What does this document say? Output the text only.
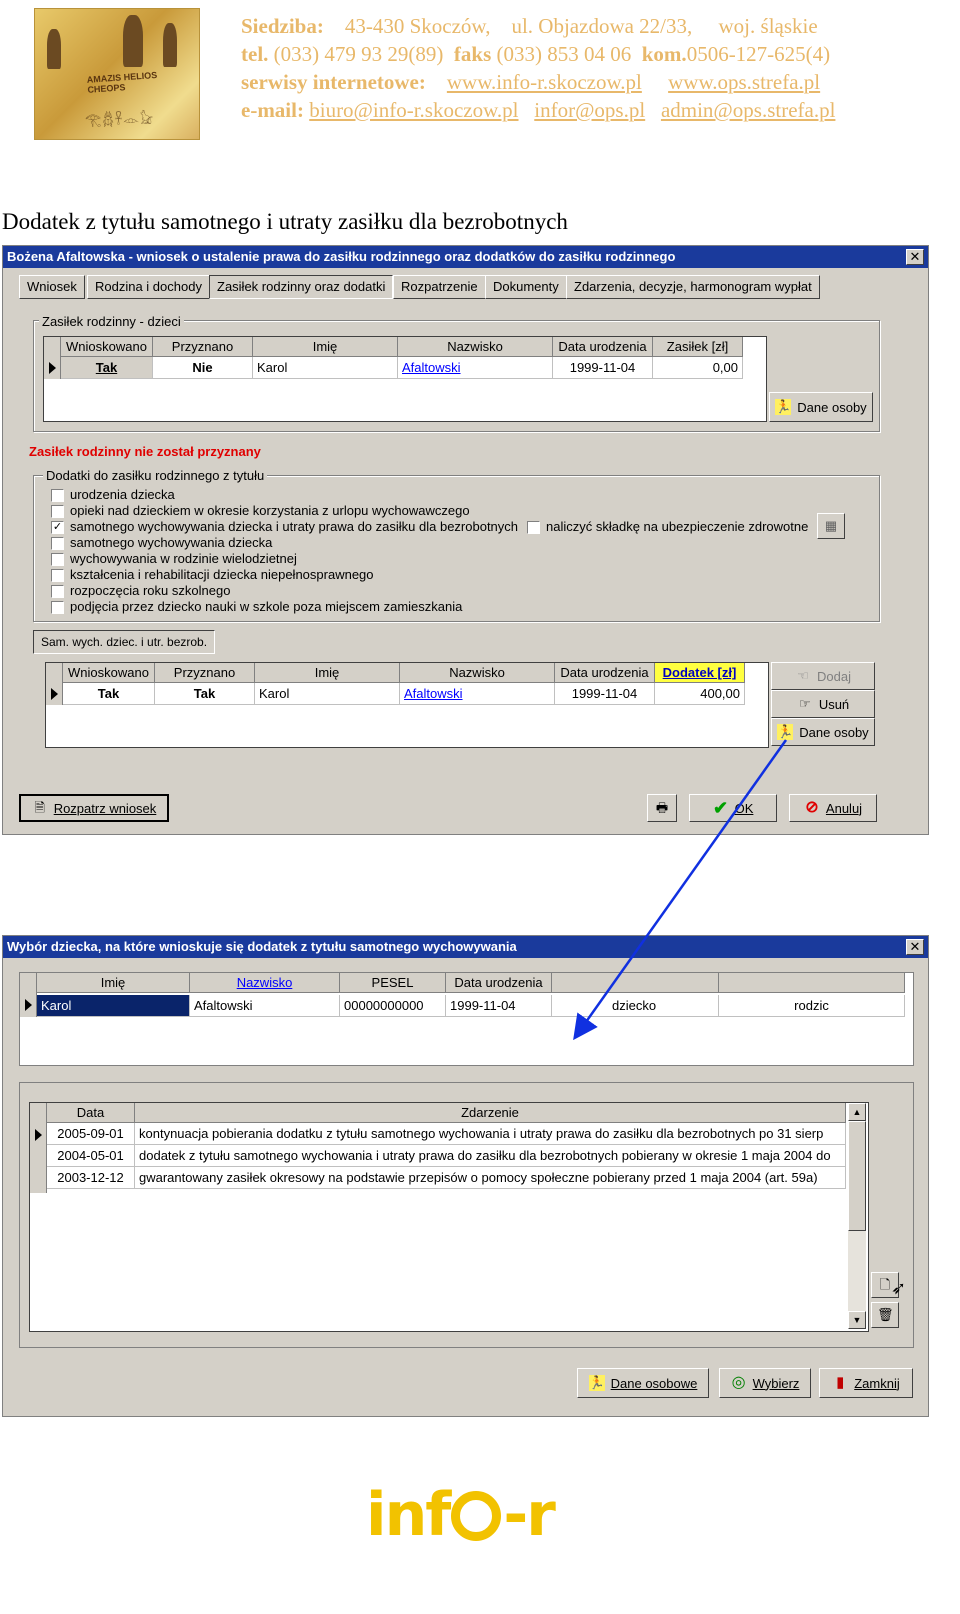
AMAZIS HELIOS CHEOPS
𓂀𓆣𓋹𓁹𓃠
Siedziba: 43-430 Skoczów, ul. Objazdowa 22/33, woj. śląskie
tel. (033) 479 93 29(89) faks (033) 853 04 06 kom.0506-127-625(4)
serwisy internetowe: www.info-r.skoczow.pl www.ops.strefa.pl
e-mail: biuro@info-r.skoczow.pl infor@ops.pl admin@ops.strefa.pl
Dodatek z tytułu samotnego i utraty zasiłku dla bezrobotnych
Bożena Afaltowska - wniosek o ustalenie prawa do zasiłku rodzinnego oraz dodatków do zasiłku rodzinnego	✕
Wniosek	Rodzina i dochody	Zasiłek rodzinny oraz dodatki	Rozpatrzenie	Dokumenty	Zdarzenia, decyzje, harmonogram wypłat
Zasiłek rodzinny - dzieci
Wnioskowano	Przyznano	Imię	Nazwisko	Data urodzenia	Zasiłek [zł]
Tak	Nie	Karol	Afaltowski	1999-11-04	0,00
🏃 Dane osoby
Zasiłek rodzinny nie został przyznany
Dodatki do zasiłku rodzinnego z tytułu
urodzenia dziecka
opieki nad dzieckiem w okresie korzystania z urlopu wychowawczego
✓ samotnego wychowywania dziecka i utraty prawa do zasiłku dla bezrobotnych
samotnego wychowywania dziecka
wychowywania w rodzinie wielodzietnej
kształcenia i rehabilitacji dziecka niepełnosprawnego
rozpoczęcia roku szkolnego
podjęcia przez dziecko nauki w szkole poza miejscem zamieszkania
naliczyć składkę na ubezpieczenie zdrowotne ▦
Sam. wych. dziec. i utr. bezrob.
Wnioskowano	Przyznano	Imię	Nazwisko	Data urodzenia	Dodatek [zł]
Tak	Tak	Karol	Afaltowski	1999-11-04	400,00
☜ Dodaj
☞ Usuń
🏃 Dane osoby
🗎 Rozpatrz wniosek	🖶 ✔ OK	⊘ Anuluj
Wybór dziecka, na które wnioskuje się dodatek z tytułu samotnego wychowywania	✕
Imię	Nazwisko	PESEL	Data urodzenia
Karol	Afaltowski	00000000000	1999-11-04	dziecko	rodzic
Data	Zdarzenie
2005-09-01	kontynuacja pobierania dodatku z tytułu samotnego wychowania i utraty prawa do zasiłku dla bezrobotnych po 31 sierp
2004-05-01	dodatek z tytułu samotnego wychowania i utraty prawa do zasiłku dla bezrobotnych pobierany w okresie 1 maja 2004 do
2003-12-12	gwarantowany zasiłek okresowy na podstawie przepisów o pomocy społeczne pobierany przed 1 maja 2004 (art. 59a)
▲
▼
🗋 ➶
🗑
🏃 Dane osobowe ◎ Wybierz ▮ Zamknij
inf -r
